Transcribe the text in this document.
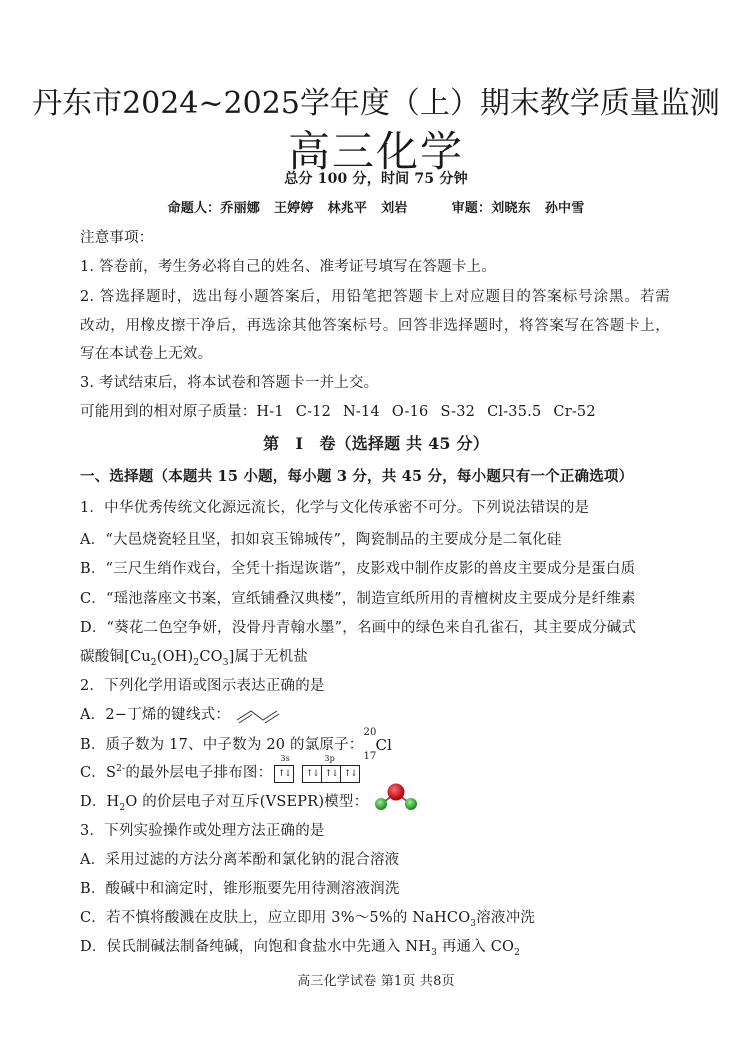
丹东市2024~2025学年度（上）期末教学质量监测
高三化学
总分 100 分，时间 75 分钟
命题人：乔丽娜 王婷婷 林兆平 刘岩	审题：刘晓东 孙中雪
注意事项：
1. 答卷前，考生务必将自己的姓名、准考证号填写在答题卡上。
2. 答选择题时，选出每小题答案后，用铅笔把答题卡上对应题目的答案标号涂黑。若需
改动，用橡皮擦干净后，再选涂其他答案标号。回答非选择题时，将答案写在答题卡上，
写在本试卷上无效。
3. 考试结束后，将本试卷和答题卡一并上交。
可能用到的相对原子质量：H-1 C-12 N-14 O-16 S-32 Cl-35.5 Cr-52
第　Ⅰ　卷（选择题 共 45 分）
一、选择题（本题共 15 小题，每小题 3 分，共 45 分，每小题只有一个正确选项）
1．中华优秀传统文化源远流长，化学与文化传承密不可分。下列说法错误的是
A．“大邑烧瓷轻且坚，扣如哀玉锦城传”，陶瓷制品的主要成分是二氧化硅
B．“三尺生绡作戏台，全凭十指逞诙谐”，皮影戏中制作皮影的兽皮主要成分是蛋白质
C．“瑶池落座文书案，宣纸铺叠汉典楼”，制造宣纸所用的青檀树皮主要成分是纤维素
D．“葵花二色空争妍，没骨丹青翰水墨”，名画中的绿色来自孔雀石，其主要成分碱式
碳酸铜$[Cu_2(OH)_2CO_3]$属于无机盐
2．下列化学用语或图示表达正确的是
A．2−丁烯的键线式：
B．质子数为 17、中子数为 20 的氯原子：
20
17
Cl
C．$S^{2-}$的最外层电子排布图：
3s	3p
↑↓ ↑↓ ↑↓ ↑↓
D．$H_2O$ 的价层电子对互斥(VSEPR)模型：
3．下列实验操作或处理方法正确的是
A．采用过滤的方法分离苯酚和氯化钠的混合溶液
B．酸碱中和滴定时，锥形瓶要先用待测溶液润洗
C．若不慎将酸溅在皮肤上，应立即用 3%～5%的 NaHCO$_3$溶液冲洗
D．侯氏制碱法制备纯碱，向饱和食盐水中先通入 $NH_3$ 再通入 $CO_2$
高三化学试卷 第1页 共8页
